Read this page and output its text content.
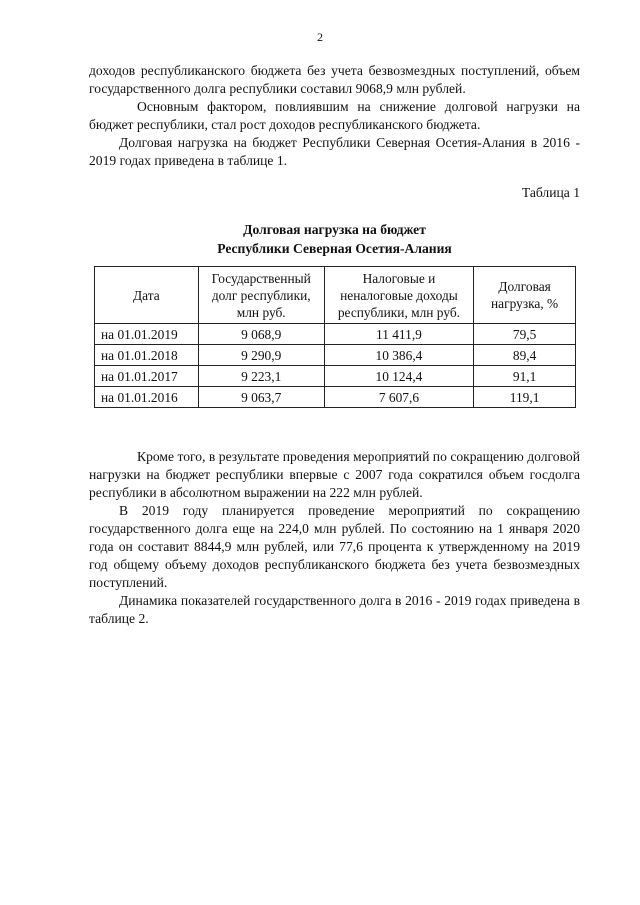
2

доходов республиканского бюджета без учета безвозмездных поступлений, объем государственного долга республики составил 9068,9 млн рублей.

Основным фактором, повлиявшим на снижение долговой нагрузки на бюджет республики, стал рост доходов республиканского бюджета.

Долговая нагрузка на бюджет Республики Северная Осетия-Алания в 2016 - 2019 годах приведена в таблице 1.

Таблица 1
Долговая нагрузка на бюджет
Республики Северная Осетия-Алания
Дата	Государственный долг республики, млн руб.	Налоговые и неналоговые доходы республики, млн руб.	Долговая нагрузка, %
на 01.01.2019	9 068,9	11 411,9	79,5
на 01.01.2018	9 290,9	10 386,4	89,4
на 01.01.2017	9 223,1	10 124,4	91,1
на 01.01.2016	9 063,7	7 607,6	119,1

Кроме того, в результате проведения мероприятий по сокращению долговой нагрузки на бюджет республики впервые с 2007 года сократился объем госдолга республики в абсолютном выражении на 222 млн рублей.

В 2019 году планируется проведение мероприятий по сокращению государственного долга еще на 224,0 млн рублей. По состоянию на 1 января 2020 года он составит 8844,9 млн рублей, или 77,6 процента к утвержденному на 2019 год общему объему доходов республиканского бюджета без учета безвозмездных поступлений.

Динамика показателей государственного долга в 2016 - 2019 годах приведена в таблице 2.
